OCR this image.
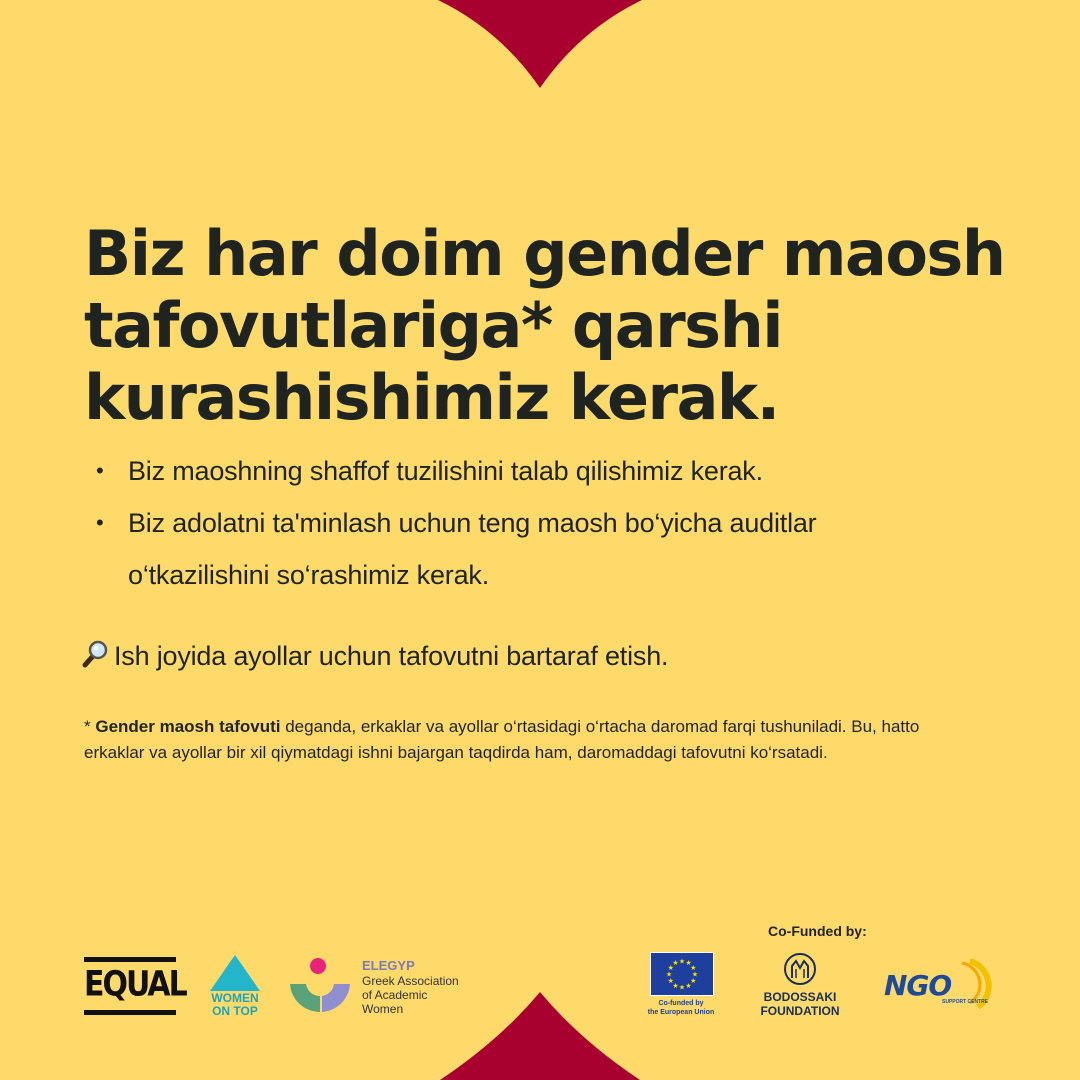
Biz har doim gender maosh
tafovutlariga* qarshi
kurashishimiz kerak.
• Biz maoshning shaffof tuzilishini talab qilishimiz kerak.
• Biz adolatni ta'minlash uchun teng maosh bo‘yicha auditlar
o‘tkazilishini so‘rashimiz kerak.
Ish joyida ayollar uchun tafovutni bartaraf etish.
* Gender maosh tafovuti deganda, erkaklar va ayollar o‘rtasidagi o‘rtacha daromad farqi tushuniladi. Bu, hatto erkaklar va ayollar bir xil qiymatdagi ishni bajargan taqdirda ham, daromaddagi tafovutni ko‘rsatadi.
EQUAL	WOMEN
ON TOP
ELEGYP
Greek Association
of Academic
Women
Co-Funded by:
★
★
★
★
★
★
★
★
★ ★ ★
★
Co-funded by
the European Union
BODOSSAKI
FOUNDATION
NGO
SUPPORT CENTRE
